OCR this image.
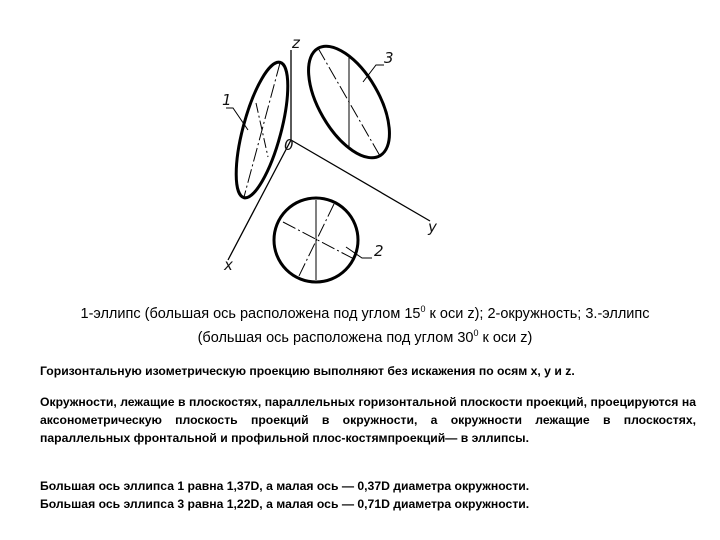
z
y
x
0
1
2
3
1-эллипс (большая ось расположена под углом $15^0$ к оси z); 2-окружность; 3.-эллипс
(большая ось расположена под углом $30^0$ к оси z)

Горизонтальную изометрическую проекцию выполняют без искажения по осям x, у и z.

Окружности, лежащие в плоскостях, параллельных горизонтальной плоскости проекций, проецируются на аксонометрическую плоскость проекций в окружности, а окружности лежащие в плоскостях, параллельных фронтальной и профильной плос-костямпроекций— в эллипсы.

Большая ось эллипса 1 равна 1,37D, а малая ось — 0,37D диаметра окружности.
Большая ось эллипса 3 равна 1,22D, а малая ось — 0,71D диаметра окружности.
